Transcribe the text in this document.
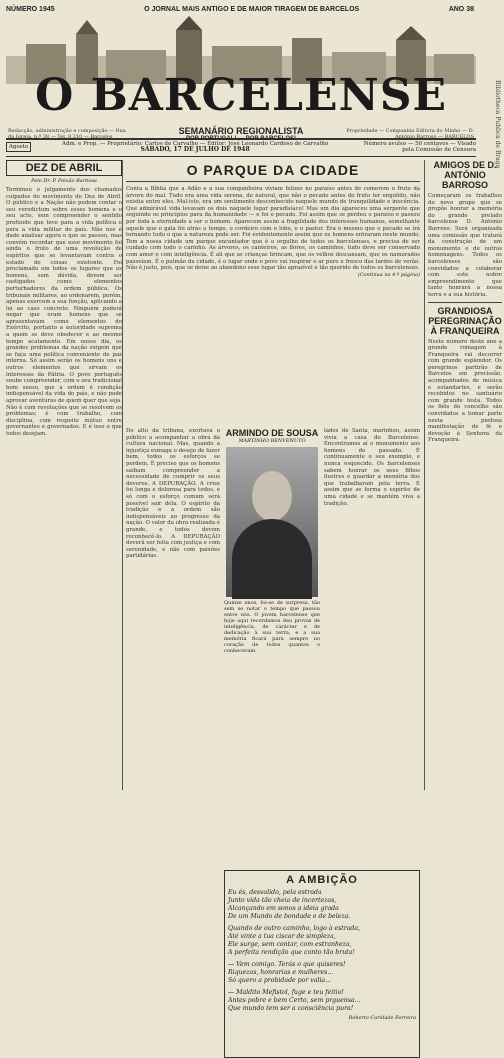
NÚMERO 1945	O JORNAL MAIS ANTIGO E DE MAIOR TIRAGEM DE BARCELOS	ANO 38
Bibliotheca Publica de Braga
O BARCELENSE
Redacção, administração e composição — Rua da Igreja, n.º 38 — Tel. 8.210 — Barcelos
SEMANÁRIO REGIONALISTA
POR PORTUGAL! — POR BARCELOS!
Propriedade — Companhia Editora do Minho — D. António Barroso — BARCELOS
Agosto	Adm. e Prop. — Proprietário: Carlos de Carvalho — Editor: José Leonardo Cardoso de Carvalho
SÁBADO, 17 DE JULHO DE 1948
Número avulso — 50 centavos — Visado pela Comissão de Censura
DEZ DE ABRIL
Pelo Dr. P. Paixão Barbosa
Terminou o julgamento dos chamados culpados do movimento de Dez de Abril. O público e a Nação não podem contar o seu veredictum sobre esses homens e o seu acto, sem compreender o sentido profundo que teve para a vida política e para a vida militar do país. Não nos é dado analisar agora o que se passou, mas convém recordar que esse movimento foi ainda o fruto de uma revolução de espíritos que se levantavam contra o estado de coisas existente. Foi proclamado em todos os lugares que os homens, sem dúvida, devem ser castigados como elementos perturbadores da ordem pública. Os tribunais militares, ao ordenarem, porém, apenas exercem a sua função, aplicando a lei ao caso concreto. Ninguém poderá negar que eram homens que se apresentavam como elementos do Exército, portanto a autoridade suprema a quem se deve obedecer e ao mesmo tempo acatamento. Em nosso dia, os grandes problemas da nação exigem que se faça uma política conveniente de paz interna. Só assim serão os homens uns e outros elementos que sirvam os interesses da Pátria. O povo português soube compreender, com o seu tradicional bom senso, que a ordem é condição indispensável da vida do país, e não pode aprovar aventuras de quem quer que seja. Não é com revoluções que se resolvem os problemas; é com trabalho, com disciplina, com respeito mútuo entre governantes e governados. E é isso o que todos desejam.
O PARQUE DA CIDADE
Conta a Bíblia que a Adão e a sua companheira viviam felizes no paraíso antes de comerem o fruto da árvore do mal. Tudo era uma vida serena, de natural, que não o pecado antes do fruto ter engolido, não existia entre eles. Mal-isto, era um sentimento desconhecido naquele mundo de tranquilidade e inocência. Que admirável vida levavam os dois naquele lugar paradisíaco! Mas um dia apareceu uma serpente que seguindo os princípios para da humanidade — e foi o pecado. Foi assim que se perdeu o paraíso e passou por toda a eternidade a ser o homem. Aparecem assim a fragilidade dos interesses humanos, semelhante aquele que o gala foi atrás o tempo, o cordeiro com o lobo, e o pastor. Era o mesmo que o pecado se irá tornando tudo o que a natureza pode ser. Foi evidentemente assim que os homens entraram neste mundo. Tem a nossa cidade um parque encantador que é o orgulho de todos os barcelenses, e precisa de ser cuidado com todo o carinho. As árvores, os canteiros, as flores, os caminhos, tudo deve ser conservado com amor e com inteligência. É ali que as crianças brincam, que os velhos descansam, que os namorados passeiam. É o pulmão da cidade, é o lugar onde o povo vai respirar o ar puro e fresco das tardes de verão. Não é justo, pois, que se deixe ao abandono esse lugar tão aprazível e tão querido de todos os barcelenses.
(Continua na 4.ª página)
Do alto da tribuna, exortava o público a acompanhar a obra da cultura nacional. Mas, quando a injustiça esmaga o desejo de fazer bem, todos os esforços se perdem. É preciso que os homens saibam compreender a necessidade de cumprir os seus deveres. A DEPURAÇÃO. A crise foi longa e dolorosa para todos, e só com o esforço comum será possível sair dela. O espírito da tradição e a ordem são indispensáveis ao progresso da nação. O valor da obra realizada é grande, e todos devem reconhecê-lo. A DEPURAÇÃO deverá ser feita com justiça e com serenidade, e não com paixões partidárias.
ARMINDO DE SOUSA
MARTINHO BENVENUTO
Quinze anos, foi-se de surpresa, tão sem se notar o tempo que passou entre nós. O jovem barcelense que hoje aqui recordamos deu provas de inteligência, de carácter e de dedicação à sua terra, e a sua memória ficará para sempre no coração de todos quantos o conheceram.
lados de Santa, marinhou, assim vivia a casa do Barcelense. Encontramos aí o monumento aos homens do passado. É continuamente o seu exemplo, e nunca esquecido. Os barcelenses sabem honrar os seus filhos ilustres e guardar a memória dos que trabalharam pela terra. É assim que se forma o espírito de uma cidade e se mantém viva a tradição.
A AMBIÇÃO
Eu és, desvalido, pela estrada
Junto vida tão cheia de incertezas,
Alcançando em sonos a ideia grada
De um Mundo de bondade e de beleza.
Quando de outro caminho, logo à estrada,
Até vinte a tua ciscar de simpleza,
Ele surge, sem contar, com estranheza,
A perfeita rendição que conto tão bruta!
— Vem comigo. Terás o que quiseres!
Riquezas, honrarias e mulheres...
Só quero a probidade por valia...
— Maldito Mefistol, fuge e teu feitio!
Antes pobre e bem Certo, sem prguensa...
Que mundo tem ser a consciência pura!
Roberto Caridade Ferreira
AMIGOS DE D. ANTÓNIO BARROSO
Começaram os trabalhos do novo grupo que se propõe honrar a memória do grande prelado barcelense D. António Barroso. Será organizada uma comissão que tratará da construção de um monumento e de outras homenagens. Todos os barcelenses são convidados a colaborar com este nobre empreendimento que tanto honrará a nossa terra e a sua história.
GRANDIOSA PEREGRINAÇÃO À FRANQUEIRA
Neste número deste ano a grande romagem à Franqueira vai decorrer com grande esplendor. Os peregrinos partirão de Barcelos em procissão, acompanhados de música e estandartes, e serão recebidos no santuário com grande festa. Todos os fiéis do concelho são convidados a tomar parte nesta piedosa manifestação de fé e devoção à Senhora da Franqueira.
